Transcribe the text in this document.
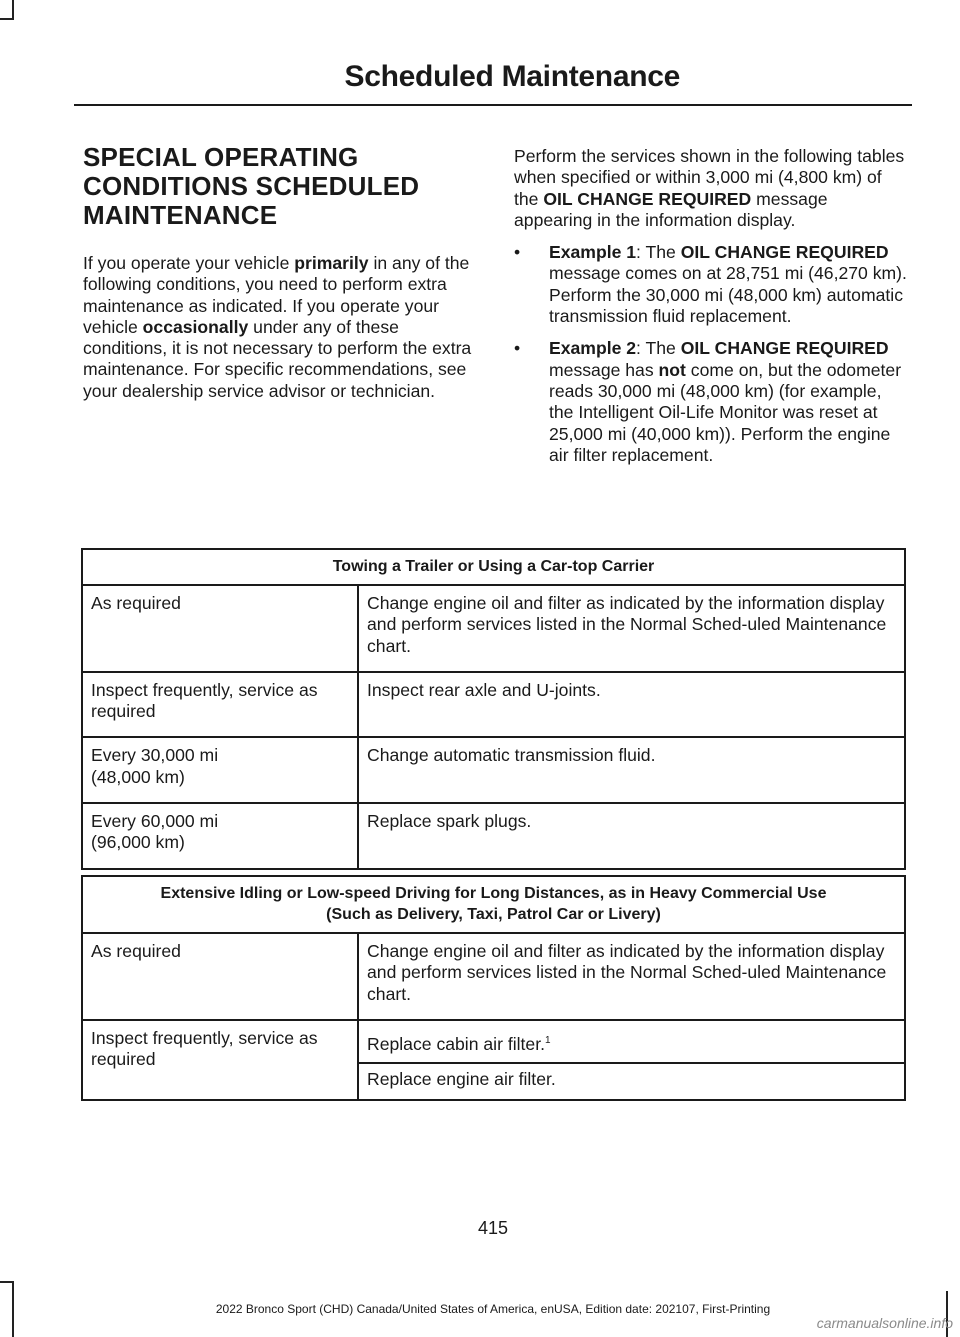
Scheduled Maintenance
SPECIAL OPERATING
CONDITIONS SCHEDULED
MAINTENANCE

If you operate your vehicle primarily in any of the following conditions, you need to perform extra maintenance as indicated. If you operate your vehicle occasionally under any of these conditions, it is not necessary to perform the extra maintenance. For specific recommendations, see your dealership service advisor or technician.

Perform the services shown in the following tables when specified or within 3,000 mi (4,800 km) of the OIL CHANGE REQUIRED message appearing in the information display.

• Example 1: The OIL CHANGE REQUIRED message comes on at 28,751 mi (46,270 km). Perform the 30,000 mi (48,000 km) automatic transmission fluid replacement.
• Example 2: The OIL CHANGE REQUIRED message has not come on, but the odometer reads 30,000 mi (48,000 km) (for example, the Intelligent Oil-Life Monitor was reset at 25,000 mi (40,000 km)). Perform the engine air filter replacement.
Towing a Trailer or Using a Car-top Carrier	
As required	Change engine oil and filter as indicated by the information display and perform services listed in the Normal Sched-uled Maintenance chart.
Inspect frequently, service as required	Inspect rear axle and U-joints.

Every 30,000 mi
(48,000 km)	Change automatic transmission fluid.

Every 60,000 mi
(96,000 km)	Replace spark plugs.
Extensive Idling or Low-speed Driving for Long Distances, as in Heavy Commercial Use
(Such as Delivery, Taxi, Patrol Car or Livery)	

As required	Change engine oil and filter as indicated by the information display and perform services listed in the Normal Sched-uled Maintenance chart.
Inspect frequently, service as required	Replace cabin air filter.$^1$
	Replace engine air filter.
415
2022 Bronco Sport (CHD) Canada/United States of America, enUSA, Edition date: 202107, First-Printing
carmanualsonline.info
